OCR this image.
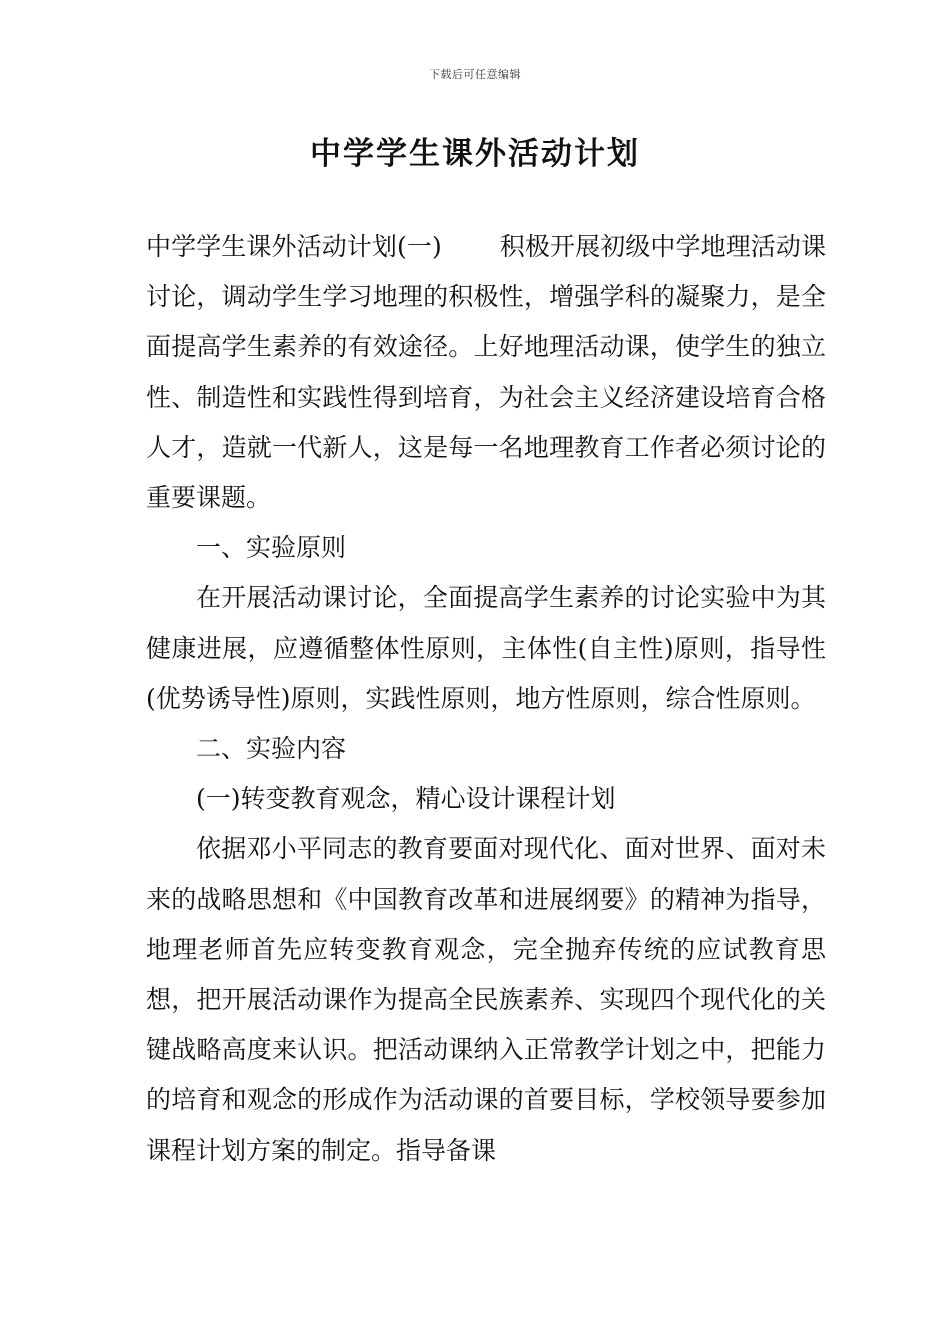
下载后可任意编辑
中学学生课外活动计划

中学学生课外活动计划(一) 积极开展初级中学地理活动课讨论，调动学生学习地理的积极性，增强学科的凝聚力，是全面提高学生素养的有效途径。上好地理活动课，使学生的独立性、制造性和实践性得到培育，为社会主义经济建设培育合格人才，造就一代新人，这是每一名地理教育工作者必须讨论的重要课题。

一、实验原则

在开展活动课讨论，全面提高学生素养的讨论实验中为其健康进展，应遵循整体性原则，主体性(自主性)原则，指导性(优势诱导性)原则，实践性原则，地方性原则，综合性原则。

二、实验内容

(一)转变教育观念，精心设计课程计划

依据邓小平同志的教育要面对现代化、面对世界、面对未来的战略思想和《中国教育改革和进展纲要》的精神为指导，地理老师首先应转变教育观念，完全抛弃传统的应试教育思想，把开展活动课作为提高全民族素养、实现四个现代化的关键战略高度来认识。把活动课纳入正常教学计划之中，把能力的培育和观念的形成作为活动课的首要目标，学校领导要参加课程计划方案的制定。指导备课
